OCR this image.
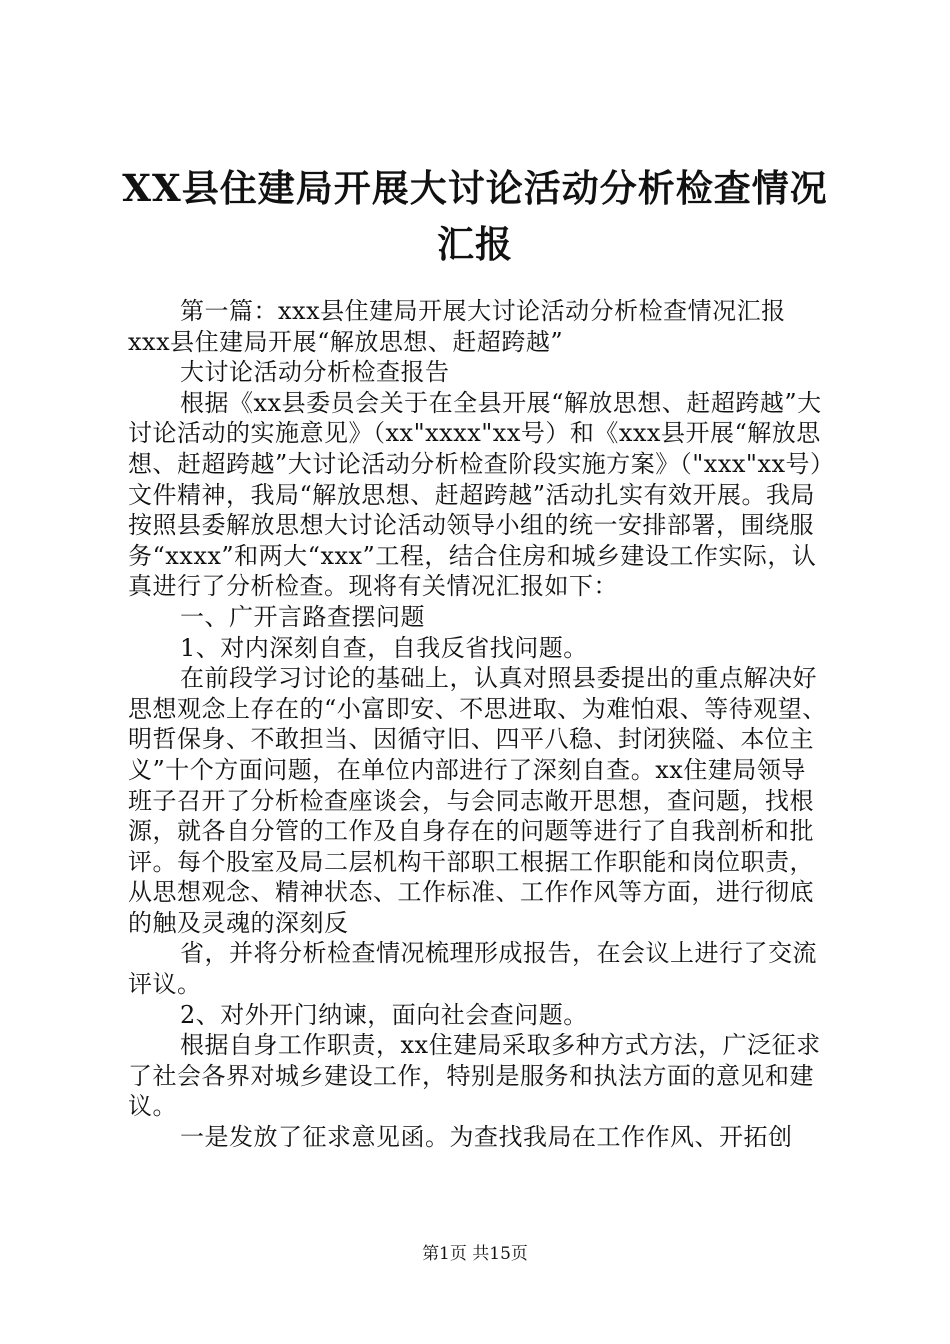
XX县住建局开展大讨论活动分析检查情况汇报

第一篇：xxx县住建局开展大讨论活动分析检查情况汇报

xxx县住建局开展“解放思想、赶超跨越”

大讨论活动分析检查报告

根据《xx县委员会关于在全县开展“解放思想、赶超跨越”大讨论活动的实施意见》（xx"xxxx"xx号）和《xxx县开展“解放思想、赶超跨越”大讨论活动分析检查阶段实施方案》（"xxx"xx号）文件精神，我局“解放思想、赶超跨越”活动扎实有效开展。我局按照县委解放思想大讨论活动领导小组的统一安排部署，围绕服务“xxxx”和两大“xxx”工程，结合住房和城乡建设工作实际，认真进行了分析检查。现将有关情况汇报如下：

一、广开言路查摆问题

1、对内深刻自查，自我反省找问题。

在前段学习讨论的基础上，认真对照县委提出的重点解决好思想观念上存在的“小富即安、不思进取、为难怕艰、等待观望、明哲保身、不敢担当、因循守旧、四平八稳、封闭狭隘、本位主义”十个方面问题，在单位内部进行了深刻自查。xx住建局领导班子召开了分析检查座谈会，与会同志敞开思想，查问题，找根源，就各自分管的工作及自身存在的问题等进行了自我剖析和批评。每个股室及局二层机构干部职工根据工作职能和岗位职责，从思想观念、精神状态、工作标准、工作作风等方面，进行彻底的触及灵魂的深刻反

省，并将分析检查情况梳理形成报告，在会议上进行了交流评议。

2、对外开门纳谏，面向社会查问题。

根据自身工作职责，xx住建局采取多种方式方法，广泛征求了社会各界对城乡建设工作，特别是服务和执法方面的意见和建议。

一是发放了征求意见函。为查找我局在工作作风、开拓创

第1页 共15页
